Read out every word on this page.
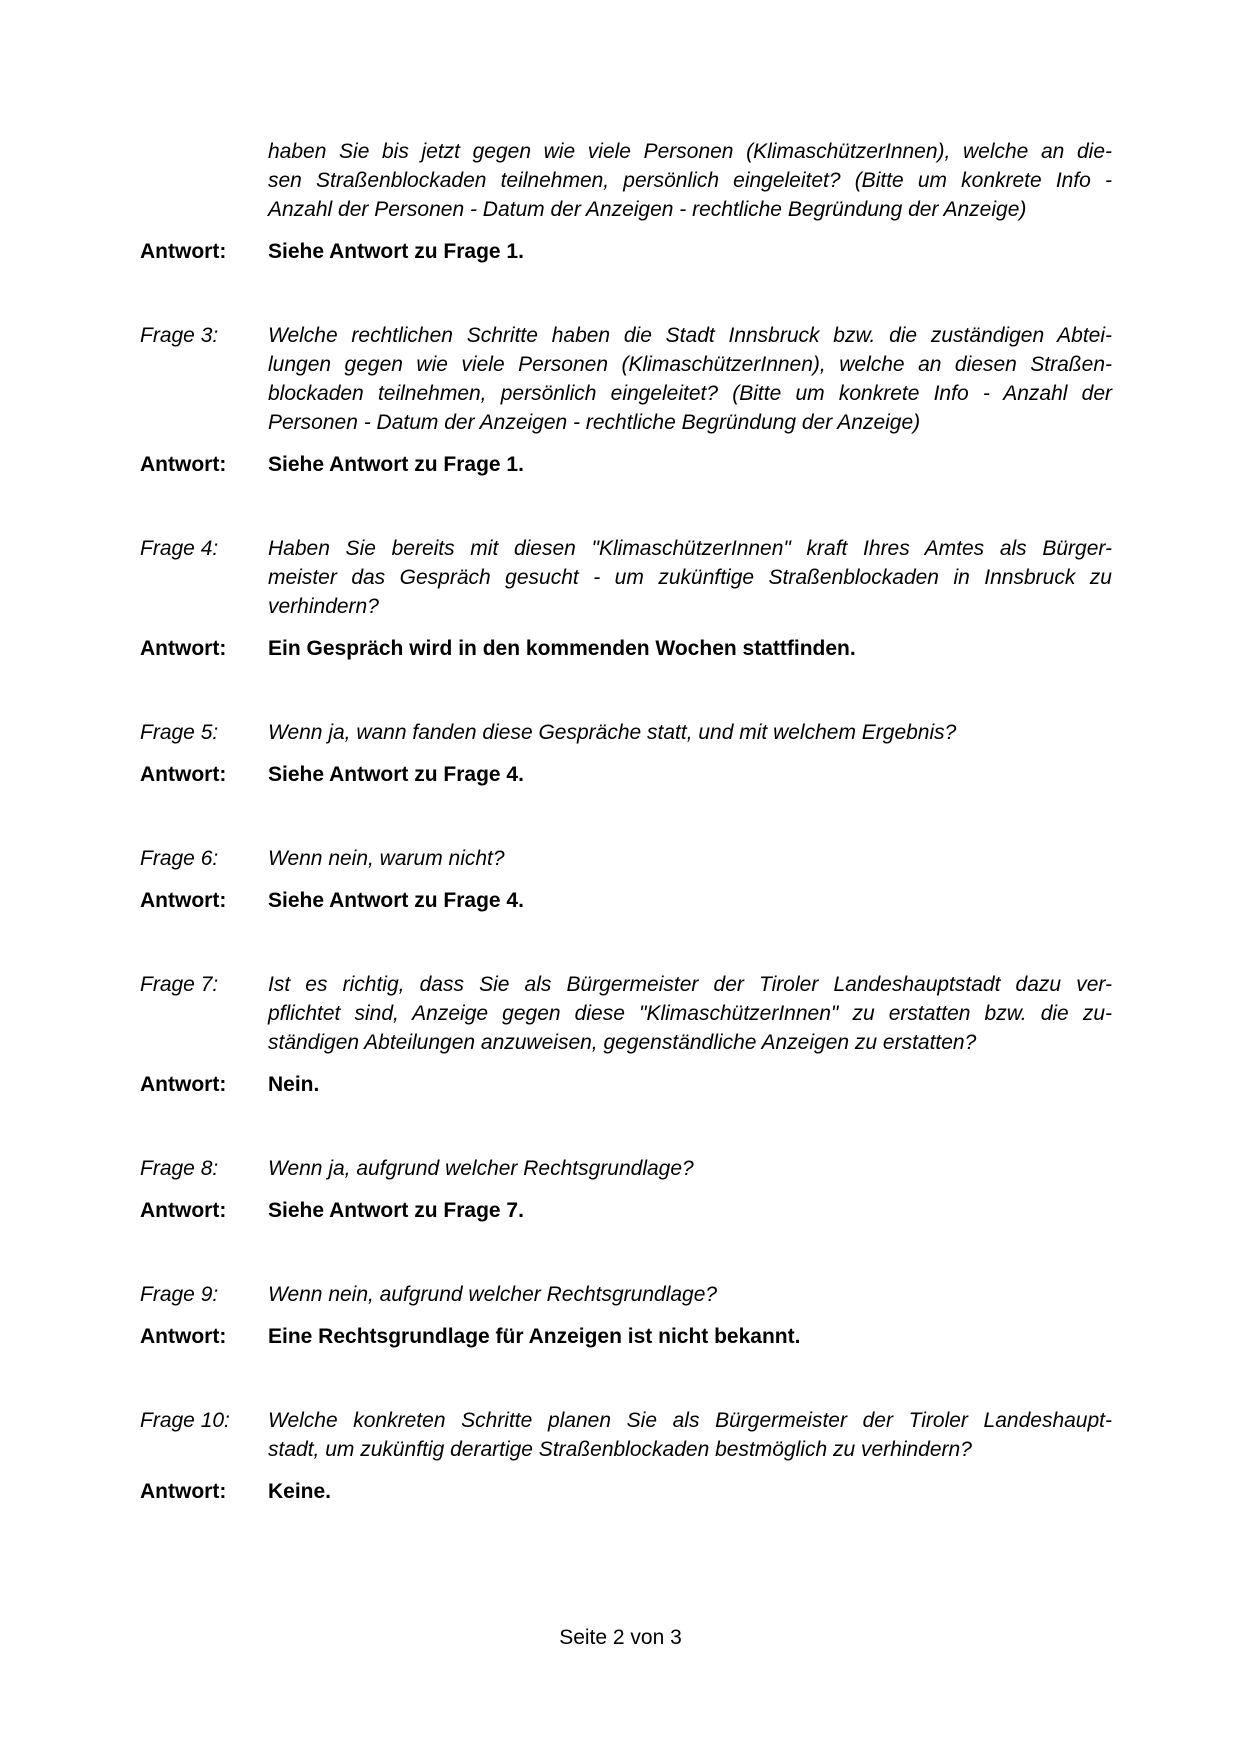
haben Sie bis jetzt gegen wie viele Personen (KlimaschützerInnen), welche an die-
sen Straßenblockaden teilnehmen, persönlich eingeleitet? (Bitte um konkrete Info -
Anzahl der Personen - Datum der Anzeigen - rechtliche Begründung der Anzeige)
Antwort:	Siehe Antwort zu Frage 1.
Frage 3:	Welche rechtlichen Schritte haben die Stadt Innsbruck bzw. die zuständigen Abtei-
lungen gegen wie viele Personen (KlimaschützerInnen), welche an diesen Straßen-
blockaden teilnehmen, persönlich eingeleitet? (Bitte um konkrete Info - Anzahl der
Personen - Datum der Anzeigen - rechtliche Begründung der Anzeige)
Antwort:	Siehe Antwort zu Frage 1.
Frage 4:	Haben Sie bereits mit diesen "KlimaschützerInnen" kraft Ihres Amtes als Bürger-
meister das Gespräch gesucht - um zukünftige Straßenblockaden in Innsbruck zu
verhindern?
Antwort:	Ein Gespräch wird in den kommenden Wochen stattfinden.
Frage 5:	Wenn ja, wann fanden diese Gespräche statt, und mit welchem Ergebnis?
Antwort:	Siehe Antwort zu Frage 4.
Frage 6:	Wenn nein, warum nicht?
Antwort:	Siehe Antwort zu Frage 4.
Frage 7:	Ist es richtig, dass Sie als Bürgermeister der Tiroler Landeshauptstadt dazu ver-
pflichtet sind, Anzeige gegen diese "KlimaschützerInnen" zu erstatten bzw. die zu-
ständigen Abteilungen anzuweisen, gegenständliche Anzeigen zu erstatten?
Antwort:	Nein.
Frage 8:	Wenn ja, aufgrund welcher Rechtsgrundlage?
Antwort:	Siehe Antwort zu Frage 7.
Frage 9:	Wenn nein, aufgrund welcher Rechtsgrundlage?
Antwort:	Eine Rechtsgrundlage für Anzeigen ist nicht bekannt.
Frage 10:	Welche konkreten Schritte planen Sie als Bürgermeister der Tiroler Landeshaupt-
stadt, um zukünftig derartige Straßenblockaden bestmöglich zu verhindern?
Antwort:	Keine.
Seite 2 von 3
